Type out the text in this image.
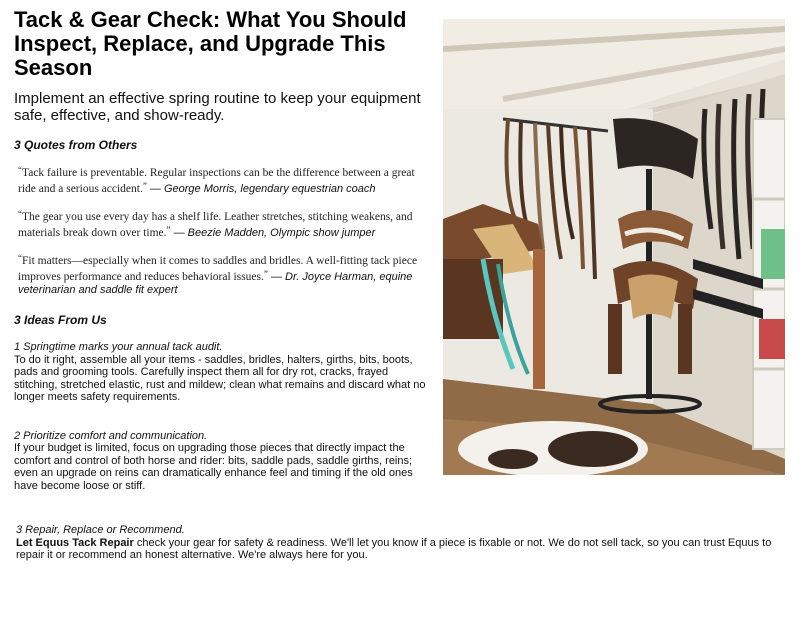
Tack & Gear Check: What You Should Inspect, Replace, and Upgrade This Season

Implement an effective spring routine to keep your equipment safe, effective, and show-ready.

3 Quotes from Others
“Tack failure is preventable. Regular inspections can be the difference between a great ride and a serious accident.” — George Morris, legendary equestrian coach
“The gear you use every day has a shelf life. Leather stretches, stitching weakens, and materials break down over time.” — Beezie Madden, Olympic show jumper
“Fit matters—especially when it comes to saddles and bridles. A well-fitting tack piece improves performance and reduces behavioral issues.” — Dr. Joyce Harman, equine veterinarian and saddle fit expert
3 Ideas From Us
1 Springtime marks your annual tack audit.
To do it right, assemble all your items - saddles, bridles, halters, girths, bits, boots, pads and grooming tools. Carefully inspect them all for dry rot, cracks, frayed stitching, stretched elastic, rust and mildew; clean what remains and discard what no longer meets safety requirements.
2 Prioritize comfort and communication.
If your budget is limited, focus on upgrading those pieces that directly impact the comfort and control of both horse and rider: bits, saddle pads, saddle girths, reins; even an upgrade on reins can dramatically enhance feel and timing if the old ones have become loose or stiff.
3 Repair, Replace or Recommend.
Let Equus Tack Repair check your gear for safety & readiness. We'll let you know if a piece is fixable or not. We do not sell tack, so you can trust Equus to repair it or recommend an honest alternative. We're always here for you.
